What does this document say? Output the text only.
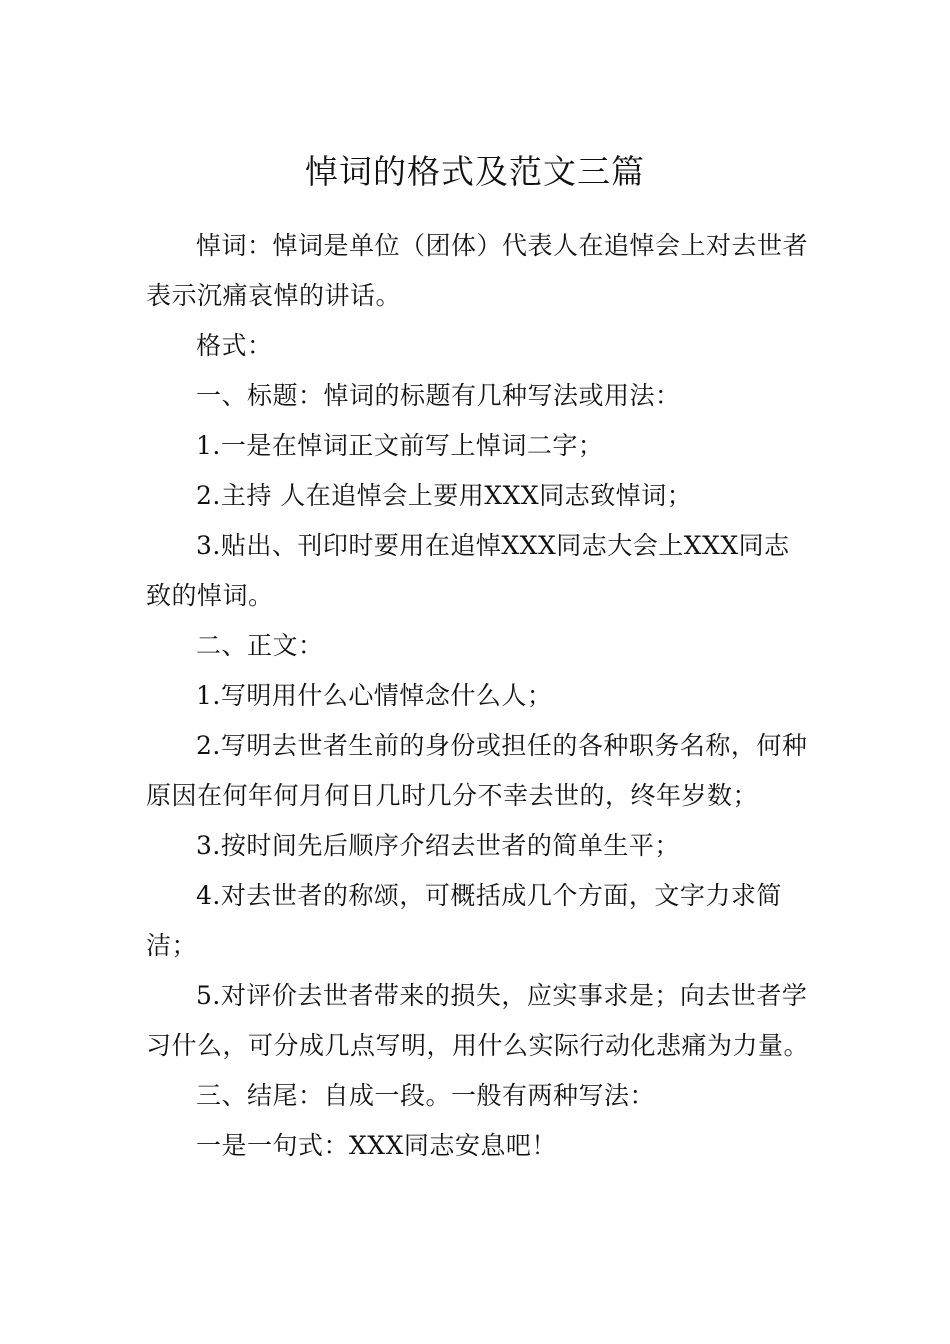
悼词的格式及范文三篇

悼词：悼词是单位（团体）代表人在追悼会上对去世者表示沉痛哀悼的讲话。

格式：

一、标题：悼词的标题有几种写法或用法：

1.一是在悼词正文前写上悼词二字；

2.主持 人在追悼会上要用XXX同志致悼词；

3.贴出、刊印时要用在追悼XXX同志大会上XXX同志致的悼词。

二、正文：

1.写明用什么心情悼念什么人；

2.写明去世者生前的身份或担任的各种职务名称，何种原因在何年何月何日几时几分不幸去世的，终年岁数；

3.按时间先后顺序介绍去世者的简单生平；

4.对去世者的称颂，可概括成几个方面，文字力求简洁；

5.对评价去世者带来的损失，应实事求是；向去世者学习什么，可分成几点写明，用什么实际行动化悲痛为力量。

三、结尾：自成一段。一般有两种写法：

一是一句式：XXX同志安息吧！
